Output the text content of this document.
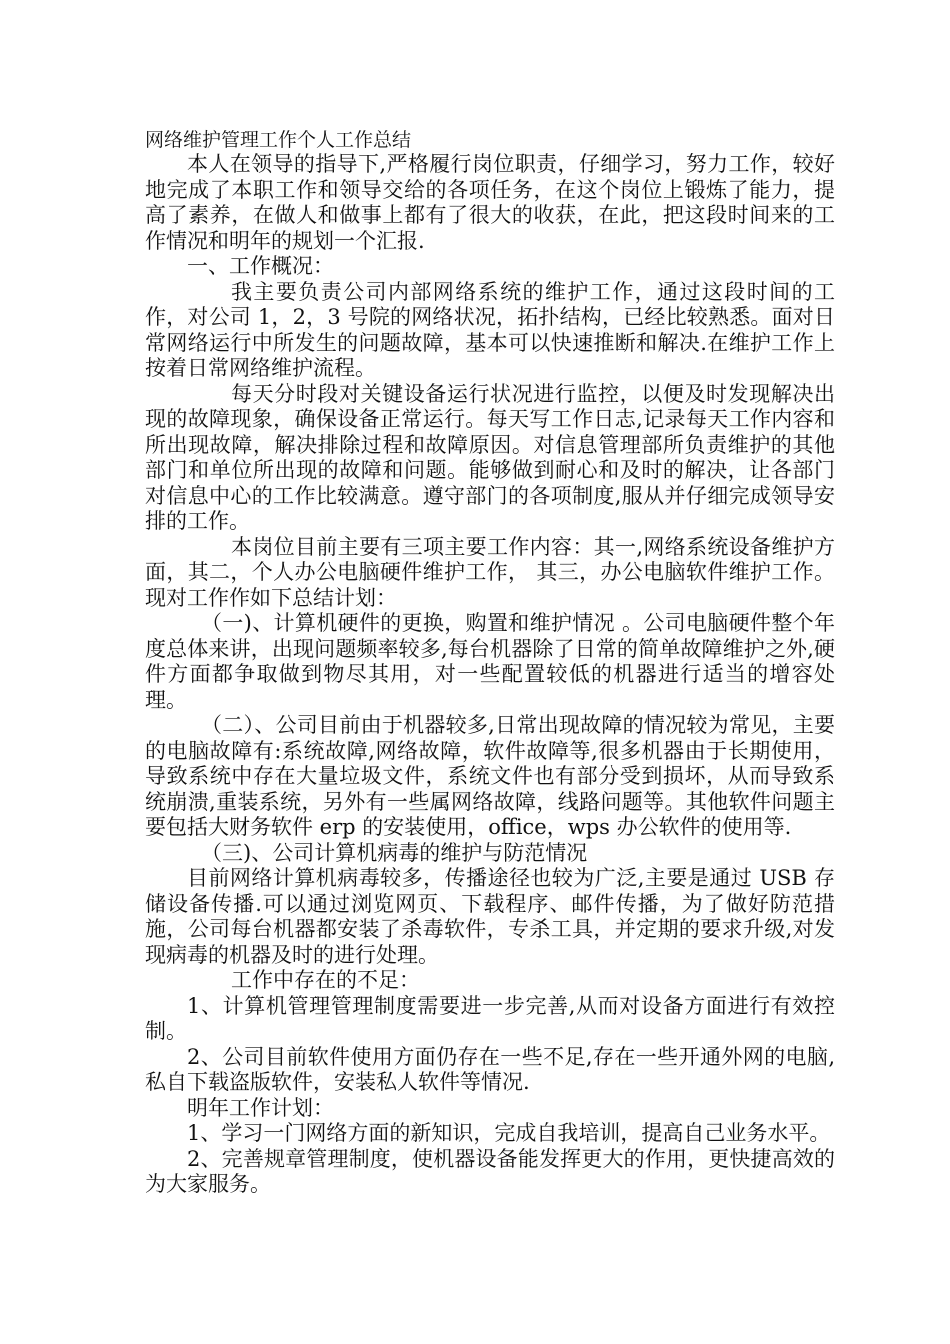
网络维护管理工作个人工作总结

本人在领导的指导下,严格履行岗位职责，仔细学习，努力工作，较好地完成了本职工作和领导交给的各项任务，在这个岗位上锻炼了能力，提高了素养，在做人和做事上都有了很大的收获，在此，把这段时间来的工作情况和明年的规划一个汇报.

一、工作概况：

我主要负责公司内部网络系统的维护工作，通过这段时间的工作，对公司 1，2，3 号院的网络状况，拓扑结构，已经比较熟悉。面对日常网络运行中所发生的问题故障，基本可以快速推断和解决.在维护工作上按着日常网络维护流程。

每天分时段对关键设备运行状况进行监控，以便及时发现解决出现的故障现象，确保设备正常运行。每天写工作日志,记录每天工作内容和所出现故障，解决排除过程和故障原因。对信息管理部所负责维护的其他部门和单位所出现的故障和问题。能够做到耐心和及时的解决，让各部门对信息中心的工作比较满意。遵守部门的各项制度,服从并仔细完成领导安排的工作。

本岗位目前主要有三项主要工作内容：其一,网络系统设备维护方面，其二，个人办公电脑硬件维护工作， 其三，办公电脑软件维护工作。现对工作作如下总结计划：

（一)、计算机硬件的更换，购置和维护情况 。公司电脑硬件整个年度总体来讲，出现问题频率较多,每台机器除了日常的简单故障维护之外,硬件方面都争取做到物尽其用，对一些配置较低的机器进行适当的增容处理。

（二）、公司目前由于机器较多,日常出现故障的情况较为常见，主要的电脑故障有:系统故障,网络故障，软件故障等,很多机器由于长期使用，导致系统中存在大量垃圾文件，系统文件也有部分受到损坏，从而导致系统崩溃,重装系统，另外有一些属网络故障，线路问题等。其他软件问题主要包括大财务软件 erp 的安装使用，office，wps 办公软件的使用等.

（三)、公司计算机病毒的维护与防范情况

目前网络计算机病毒较多，传播途径也较为广泛,主要是通过 USB 存储设备传播.可以通过浏览网页、下载程序、邮件传播，为了做好防范措施，公司每台机器都安装了杀毒软件，专杀工具，并定期的要求升级,对发现病毒的机器及时的进行处理。

工作中存在的不足：

1、计算机管理管理制度需要进一步完善,从而对设备方面进行有效控制。

2、公司目前软件使用方面仍存在一些不足,存在一些开通外网的电脑,私自下载盗版软件，安装私人软件等情况.

明年工作计划：

1、学习一门网络方面的新知识，完成自我培训，提高自己业务水平。

2、完善规章管理制度，使机器设备能发挥更大的作用，更快捷高效的为大家服务。
